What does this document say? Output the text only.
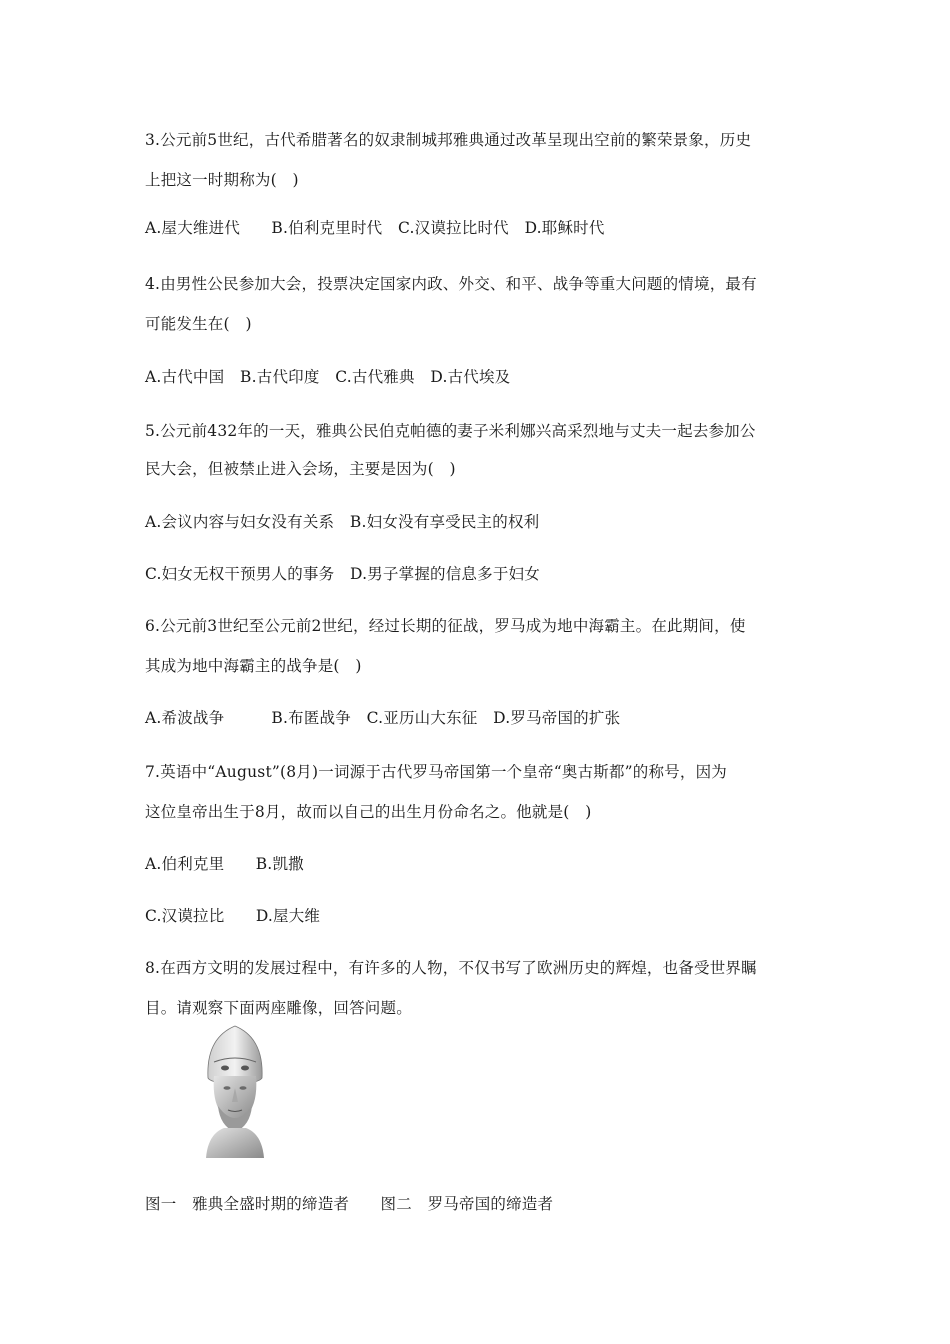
3.公元前5世纪，古代希腊著名的奴隶制城邦雅典通过改革呈现出空前的繁荣景象，历史
上把这一时期称为(　)
A.屋大维进代　　B.伯利克里时代　C.汉谟拉比时代　D.耶稣时代
4.由男性公民参加大会，投票决定国家内政、外交、和平、战争等重大问题的情境，最有
可能发生在(　)
A.古代中国　B.古代印度　C.古代雅典　D.古代埃及
5.公元前432年的一天，雅典公民伯克帕德的妻子米利娜兴高采烈地与丈夫一起去参加公
民大会，但被禁止进入会场，主要是因为(　)
A.会议内容与妇女没有关系　B.妇女没有享受民主的权利
C.妇女无权干预男人的事务　D.男子掌握的信息多于妇女
6.公元前3世纪至公元前2世纪，经过长期的征战，罗马成为地中海霸主。在此期间，使
其成为地中海霸主的战争是(　)
A.希波战争　　　B.布匿战争　C.亚历山大东征　D.罗马帝国的扩张
7.英语中“August”(8月)一词源于古代罗马帝国第一个皇帝“奥古斯都”的称号，因为
这位皇帝出生于8月，故而以自己的出生月份命名之。他就是(　)
A.伯利克里　　B.凯撒
C.汉谟拉比　　D.屋大维
8.在西方文明的发展过程中，有许多的人物，不仅书写了欧洲历史的辉煌，也备受世界瞩
目。请观察下面两座雕像，回答问题。
图一　雅典全盛时期的缔造者　　图二　罗马帝国的缔造者
